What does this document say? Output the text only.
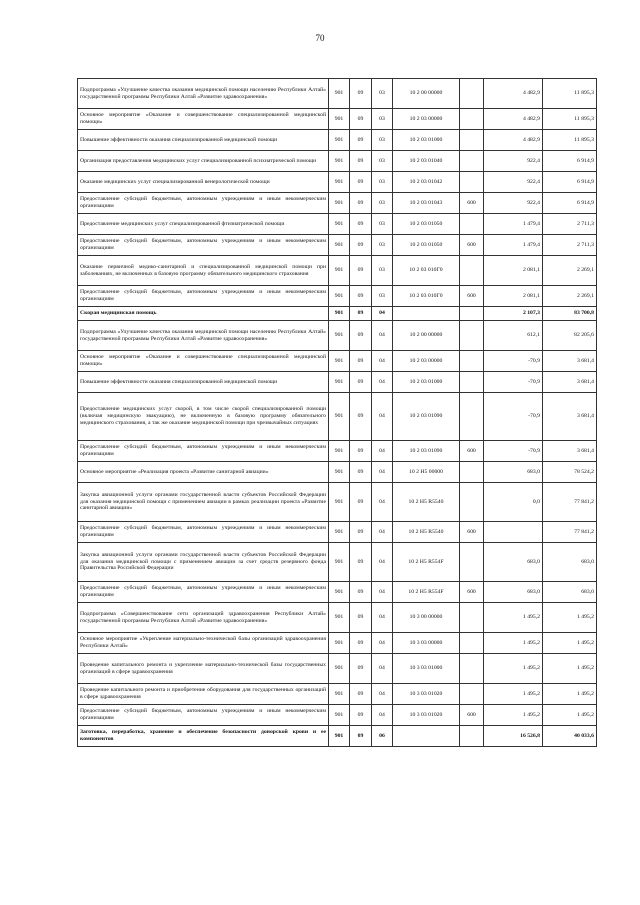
70
Подпрограмма «Улучшение качества оказания медицинской помощи населению Республики Алтай» государственной программы Республики Алтай «Развитие здравоохранения»	901	09	03	10 2 00 00000		4 482,9	11 895,3
Основное мероприятие «Оказание и совершенствование специализированной медицинской помощи»	901	09	03	10 2 03 00000		4 482,9	11 895,3
Повышение эффективности оказания специализированной медицинской помощи	901	09	03	10 2 03 01000		4 482,9	11 895,3
Организация предоставления медицинских услуг специализированной психиатрической помощи	901	09	03	10 2 03 01040		922,4	6 914,9
Оказание медицинских услуг специализированной венерологической помощи	901	09	03	10 2 03 01042		922,4	6 914,9
Предоставление субсидий бюджетным, автономным учреждениям и иным некоммерческим организациям	901	09	03	10 2 03 01043	600	922,4	6 914,9
Предоставление медицинских услуг специализированной фтизиатрической помощи	901	09	03	10 2 03 01050		1 479,4	2 711,3
Предоставление субсидий бюджетным, автономным учреждениям и иным некоммерческим организациям	901	09	03	10 2 03 01050	600	1 479,4	2 711,3
Оказание первичной медико-санитарной и специализированной медицинской помощи при заболеваниях, не включенных в базовую программу обязательного медицинского страхования	901	09	03	10 2 03 010Г0		2 081,1	2 269,1
Предоставление субсидий бюджетным, автономным учреждениям и иным некоммерческим организациям	901	09	03	10 2 03 010Г0	600	2 081,1	2 269,1
Скорая медицинская помощь	901	09	04			2 107,3	83 700,8
Подпрограмма «Улучшение качества оказания медицинской помощи населению Республики Алтай» государственной программы Республики Алтай «Развитие здравоохранения»	901	09	04	10 2 00 00000		612,1	82 205,6
Основное мероприятие «Оказание и совершенствование специализированной медицинской помощи»	901	09	04	10 2 03 00000		-70,9	3 681,4
Повышение эффективности оказания специализированной медицинской помощи	901	09	04	10 2 03 01000		-70,9	3 681,4
Предоставление медицинских услуг скорой, в том числе скорой специализированной помощи (включая медицинскую эвакуацию), не включенную в базовую программу обязательного медицинского страхования, а так же оказание медицинской помощи при чрезвычайных ситуациях	901	09	04	10 2 03 01090		-70,9	3 681,4
Предоставление субсидий бюджетным, автономным учреждениям и иным некоммерческим организациям	901	09	04	10 2 03 01090	600	-70,9	3 681,4
Основное мероприятие «Реализация проекта «Развитие санитарной авиации»	901	09	04	10 2 Н5 00000		683,0	78 524,2
Закупка авиационной услуги органами государственной власти субъектов Российской Федерации для оказания медицинской помощи с применением авиации в рамках реализации проекта «Развитие санитарной авиации»	901	09	04	10 2 Н5 R5540		0,0	77 841,2
Предоставление субсидий бюджетным, автономным учреждениям и иным некоммерческим организациям	901	09	04	10 2 Н5 R5540	600		77 841,2
Закупка авиационной услуги органами государственной власти субъектов Российской Федерации для оказания медицинской помощи с применением авиации за счет средств резервного фонда Правительства Российской Федерации	901	09	04	10 2 Н5 R554F		683,0	683,0
Предоставление субсидий бюджетным, автономным учреждениям и иным некоммерческим организациям	901	09	04	10 2 Н5 R554F	600	683,0	683,0
Подпрограмма «Совершенствование сети организаций здравоохранения Республики Алтай» государственной программы Республики Алтай «Развитие здравоохранения»	901	09	04	10 3 00 00000		1 495,2	1 495,2
Основное мероприятие «Укрепление материально-технической базы организаций здравоохранения Республики Алтай»	901	09	04	10 3 03 00000		1 495,2	1 495,2
Проведение капитального ремонта и укрепление материально-технической базы государственных организаций в сфере здравоохранения	901	09	04	10 3 03 01000		1 495,2	1 495,2
Проведение капитального ремонта и приобретение оборудования для государственных организаций в сфере здравоохранения	901	09	04	10 3 03 01020		1 495,2	1 495,2
Предоставление субсидий бюджетным, автономным учреждениям и иным некоммерческим организациям	901	09	04	10 3 03 01020	600	1 495,2	1 495,2
Заготовка, переработка, хранение и обеспечение безопасности донорской крови и ее компонентов	901	09	06			16 526,8	40 033,6
